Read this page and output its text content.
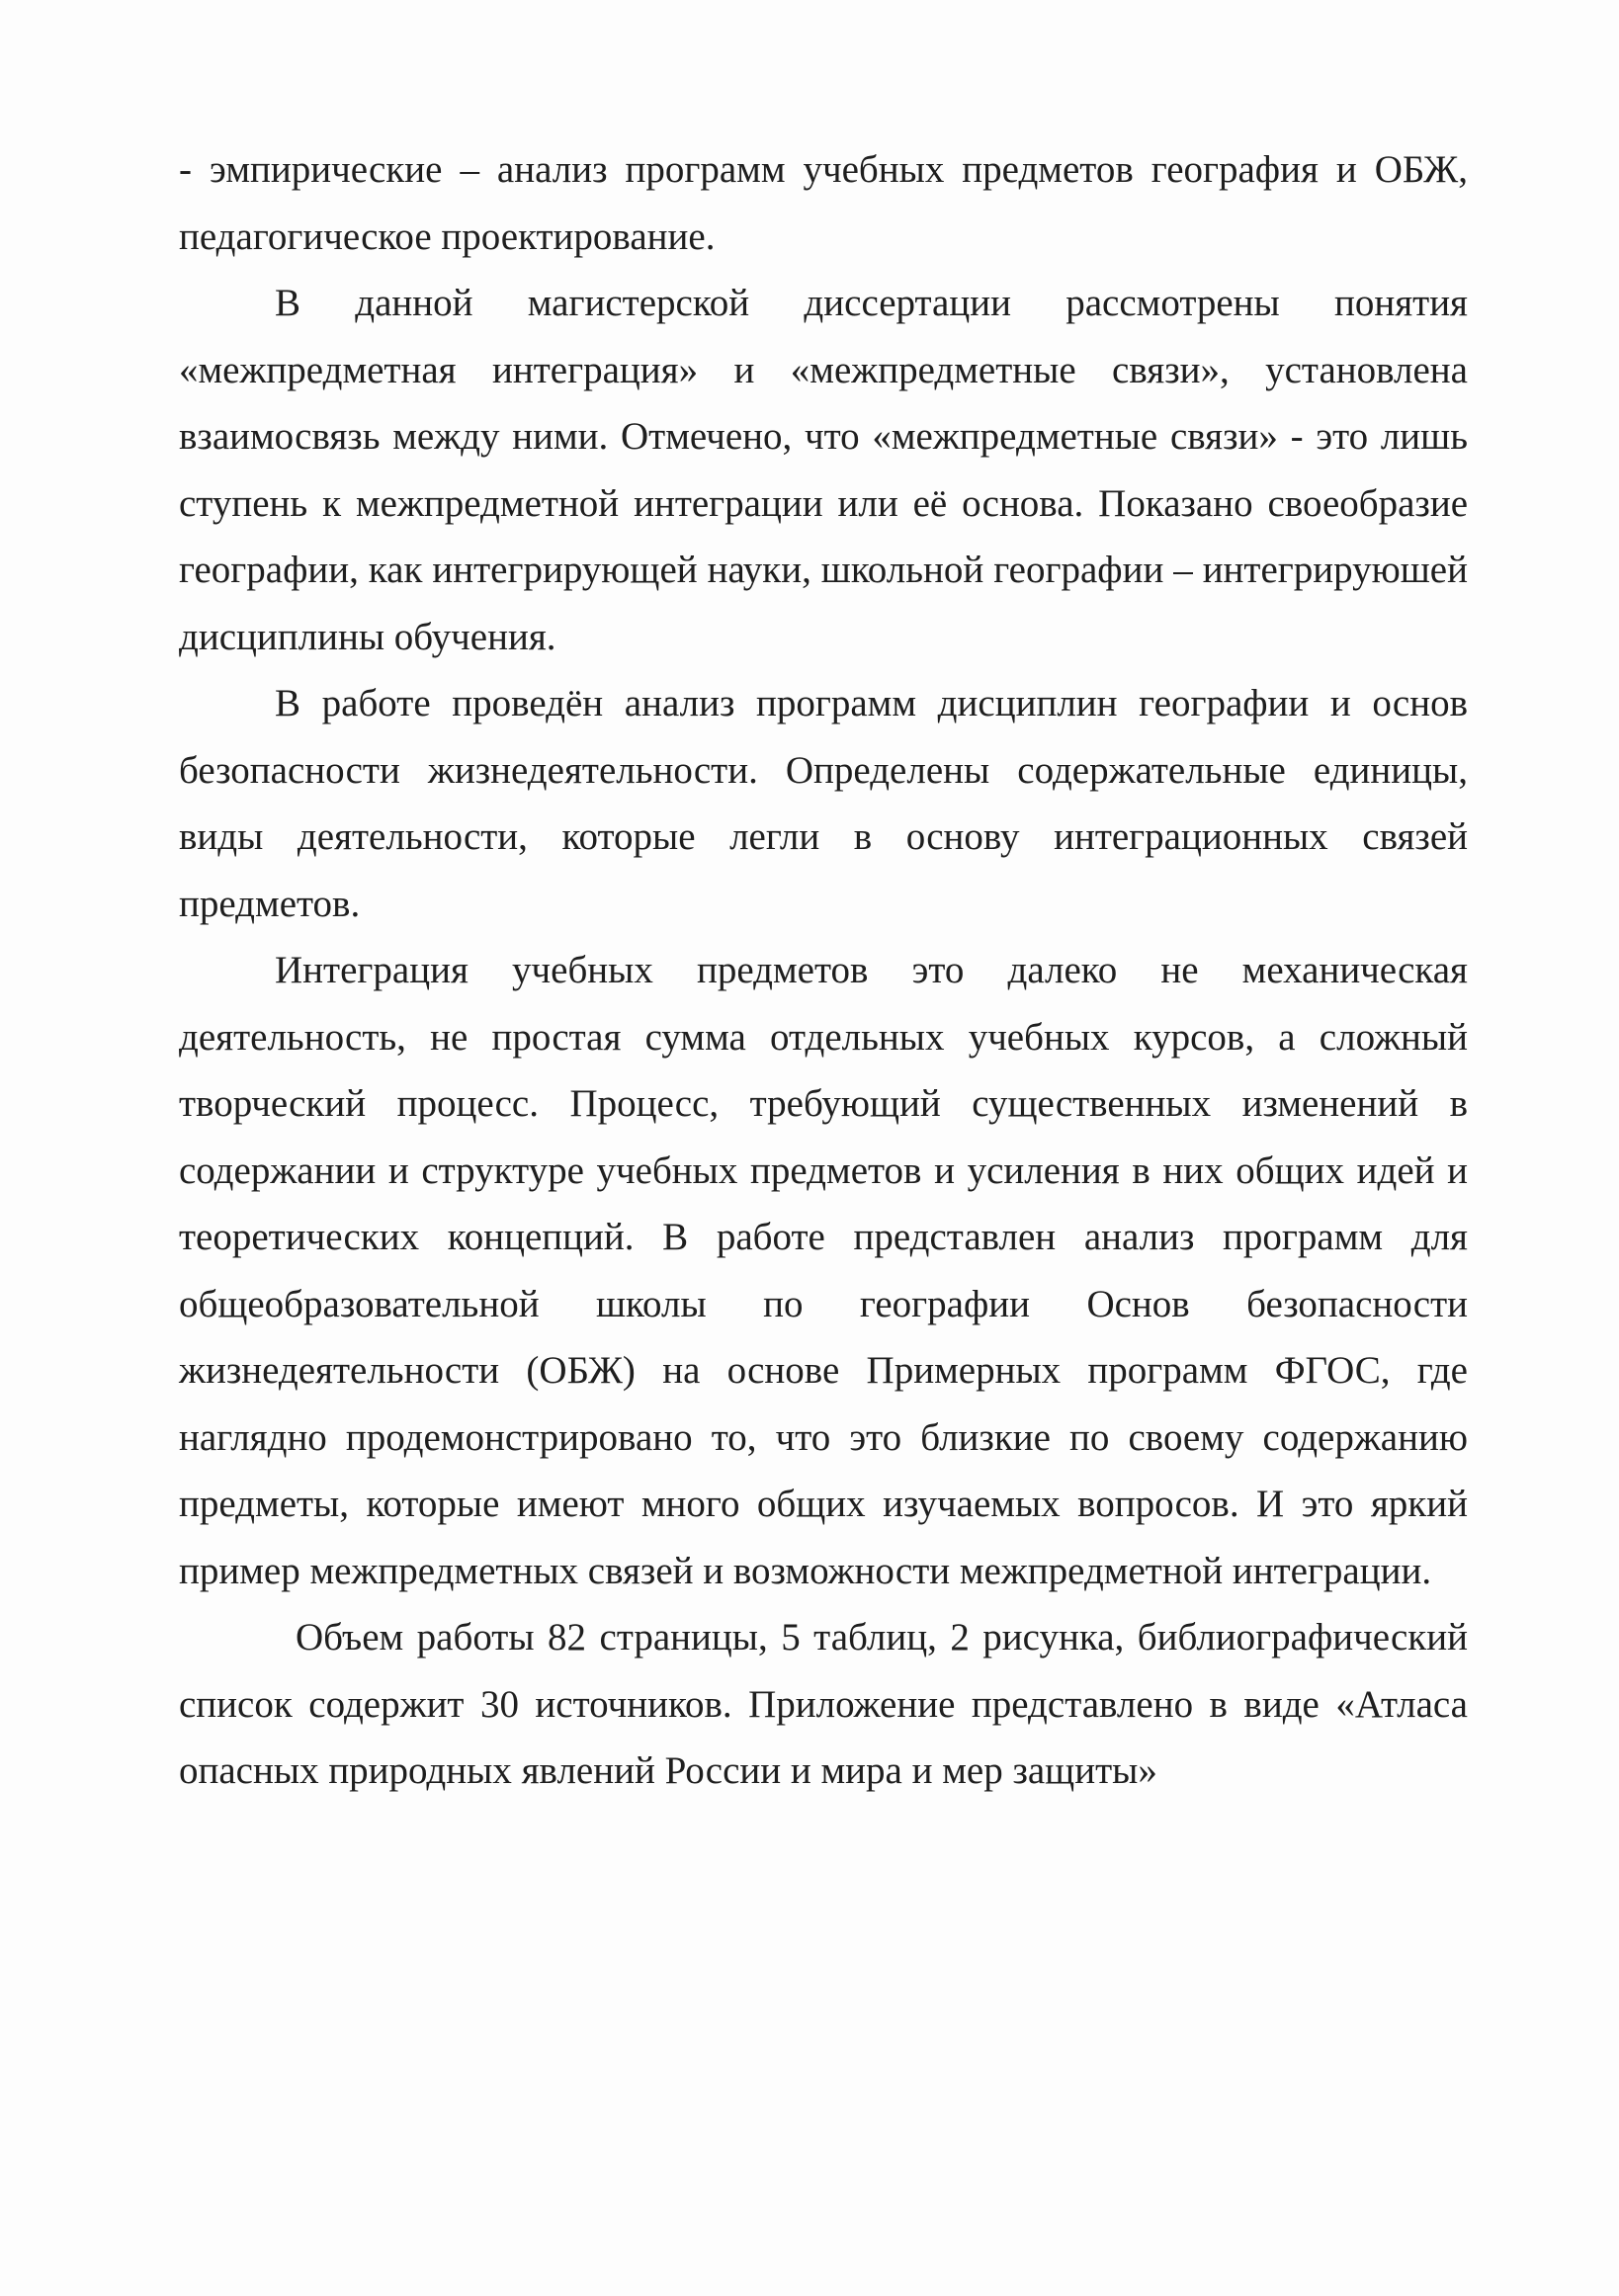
- эмпирические – анализ программ учебных предметов география и ОБЖ, педагогическое проектирование.

В данной магистерской диссертации рассмотрены понятия «межпредметная интеграция» и «межпредметные связи», установлена взаимосвязь между ними. Отмечено, что «межпредметные связи» - это лишь ступень к межпредметной интеграции или её основа. Показано своеобразие географии, как интегрирующей науки, школьной географии – интегрируюшей дисциплины обучения.

В работе проведён анализ программ дисциплин географии и основ безопасности жизнедеятельности. Определены содержательные единицы, виды деятельности, которые легли в основу интеграционных связей предметов.

Интеграция учебных предметов это далеко не механическая деятельность, не простая сумма отдельных учебных курсов, а сложный творческий процесс. Процесс, требующий существенных изменений в содержании и структуре учебных предметов и усиления в них общих идей и теоретических концепций. В работе представлен анализ программ для общеобразовательной школы по географии Основ безопасности жизнедеятельности (ОБЖ) на основе Примерных программ ФГОС, где наглядно продемонстрировано то, что это близкие по своему содержанию предметы, которые имеют много общих изучаемых вопросов. И это яркий пример межпредметных связей и возможности межпредметной интеграции.

Объем работы 82 страницы, 5 таблиц, 2 рисунка, библиографический список содержит 30 источников. Приложение представлено в виде «Атласа опасных природных явлений России и мира и мер защиты»
